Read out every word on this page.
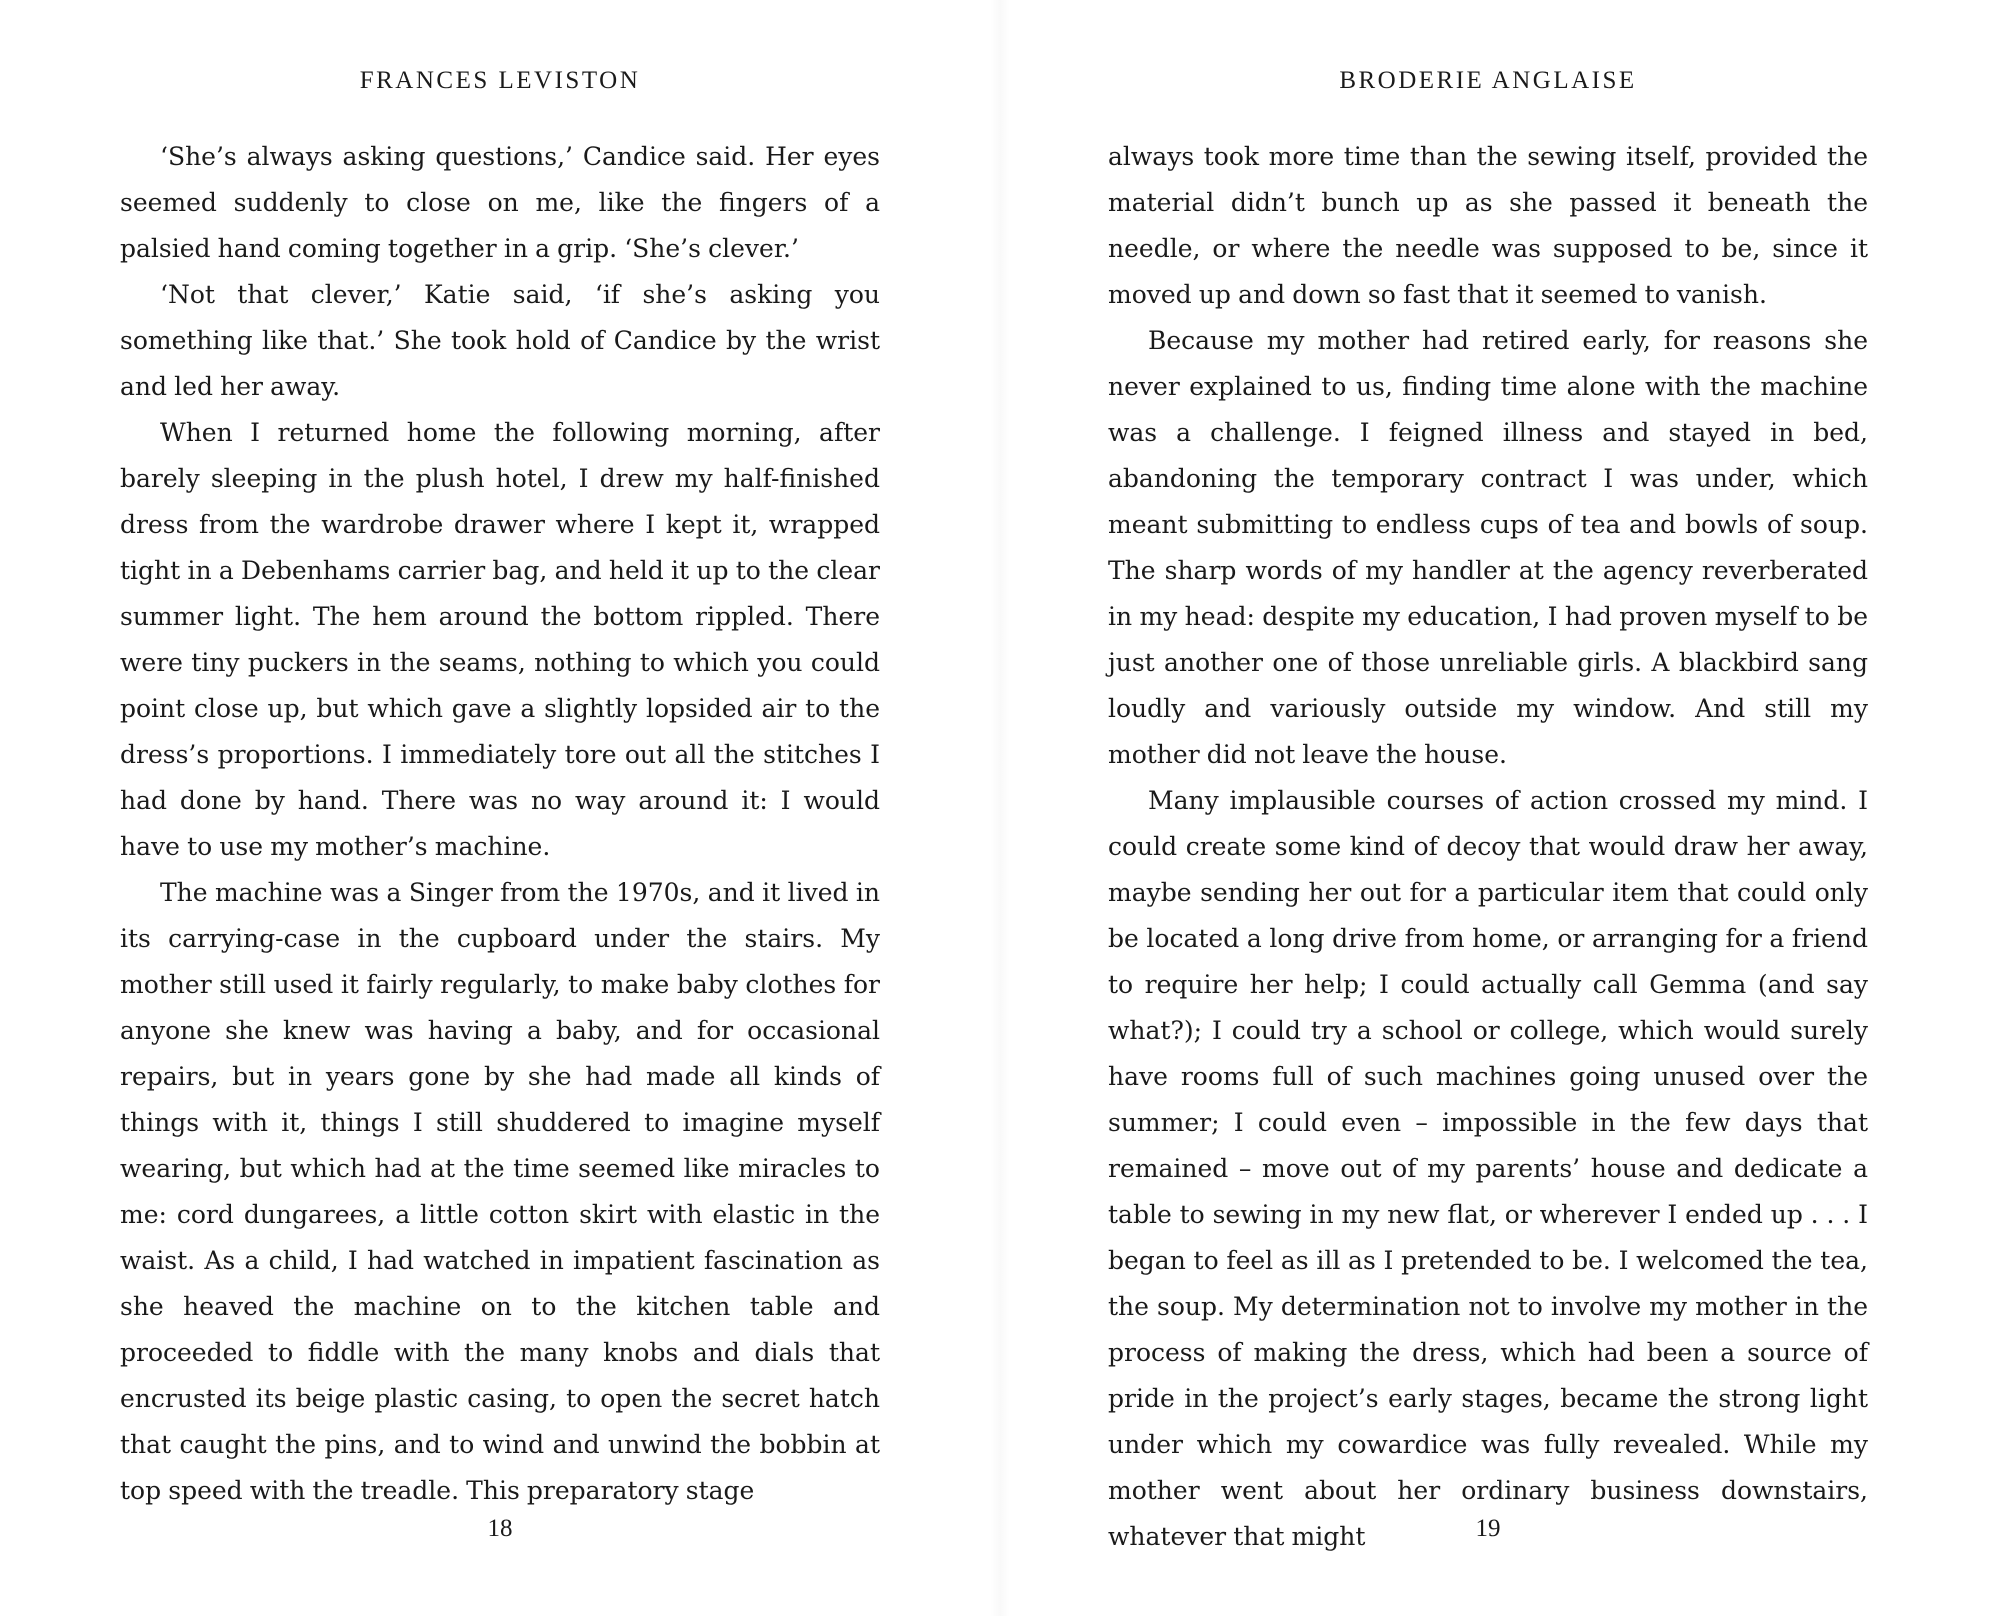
FRANCES LEVISTON

‘She’s always asking questions,’ Candice said. Her eyes seemed suddenly to close on me, like the fingers of a palsied hand coming together in a grip. ‘She’s clever.’

‘Not that clever,’ Katie said, ‘if she’s asking you something like that.’ She took hold of Candice by the wrist and led her away.

When I returned home the following morning, after barely sleeping in the plush hotel, I drew my half-finished dress from the wardrobe drawer where I kept it, wrapped tight in a Debenhams carrier bag, and held it up to the clear summer light. The hem around the bottom rippled. There were tiny puckers in the seams, nothing to which you could point close up, but which gave a slightly lopsided air to the dress’s proportions. I immediately tore out all the stitches I had done by hand. There was no way around it: I would have to use my mother’s machine.

The machine was a Singer from the 1970s, and it lived in its carrying-case in the cupboard under the stairs. My mother still used it fairly regularly, to make baby clothes for anyone she knew was having a baby, and for occasional repairs, but in years gone by she had made all kinds of things with it, things I still shuddered to imagine myself wearing, but which had at the time seemed like miracles to me: cord dungarees, a little cotton skirt with elastic in the waist. As a child, I had watched in impatient fascination as she heaved the machine on to the kitchen table and proceeded to fiddle with the many knobs and dials that encrusted its beige plastic casing, to open the secret hatch that caught the pins, and to wind and unwind the bobbin at top speed with the treadle. This preparatory stage

18
BRODERIE ANGLAISE

always took more time than the sewing itself, provided the material didn’t bunch up as she passed it beneath the needle, or where the needle was supposed to be, since it moved up and down so fast that it seemed to vanish.

Because my mother had retired early, for reasons she never explained to us, finding time alone with the machine was a challenge. I feigned illness and stayed in bed, abandoning the temporary contract I was under, which meant submitting to endless cups of tea and bowls of soup. The sharp words of my handler at the agency reverberated in my head: despite my education, I had proven myself to be just another one of those unreliable girls. A blackbird sang loudly and variously outside my window. And still my mother did not leave the house.

Many implausible courses of action crossed my mind. I could create some kind of decoy that would draw her away, maybe sending her out for a particular item that could only be located a long drive from home, or arranging for a friend to require her help; I could actually call Gemma (and say what?); I could try a school or college, which would surely have rooms full of such machines going unused over the summer; I could even – impossible in the few days that remained – move out of my parents’ house and dedicate a table to sewing in my new flat, or wherever I ended up . . . I began to feel as ill as I pretended to be. I welcomed the tea, the soup. My determination not to involve my mother in the process of making the dress, which had been a source of pride in the project’s early stages, became the strong light under which my cowardice was fully revealed. While my mother went about her ordinary business downstairs, whatever that might	19
